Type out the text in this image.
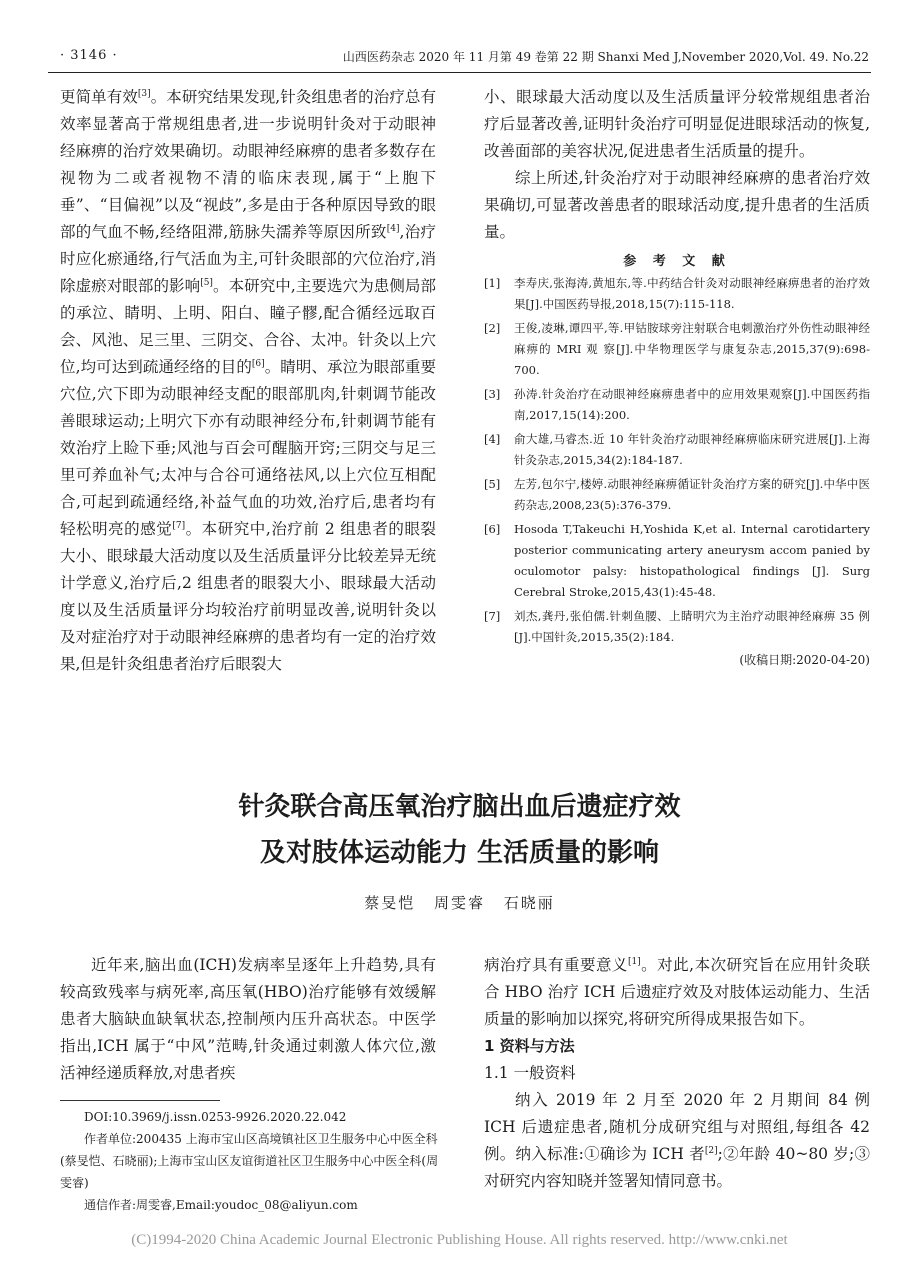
· 3146 ·	山西医药杂志 2020 年 11 月第 49 卷第 22 期 Shanxi Med J,November 2020,Vol. 49. No.22

更简单有效[3]。本研究结果发现,针灸组患者的治疗总有效率显著高于常规组患者,进一步说明针灸对于动眼神经麻痹的治疗效果确切。动眼神经麻痹的患者多数存在视物为二或者视物不清的临床表现,属于“上胞下垂”、“目偏视”以及“视歧”,多是由于各种原因导致的眼部的气血不畅,经络阻滞,筋脉失濡养等原因所致[4],治疗时应化瘀通络,行气活血为主,可针灸眼部的穴位治疗,消除虚瘀对眼部的影响[5]。本研究中,主要选穴为患侧局部的承泣、睛明、上明、阳白、瞳子髎,配合循经远取百会、风池、足三里、三阴交、合谷、太冲。针灸以上穴位,均可达到疏通经络的目的[6]。睛明、承泣为眼部重要穴位,穴下即为动眼神经支配的眼部肌肉,针刺调节能改善眼球运动;上明穴下亦有动眼神经分布,针刺调节能有效治疗上睑下垂;风池与百会可醒脑开窍;三阴交与足三里可养血补气;太冲与合谷可通络祛风,以上穴位互相配合,可起到疏通经络,补益气血的功效,治疗后,患者均有轻松明亮的感觉[7]。本研究中,治疗前 2 组患者的眼裂大小、眼球最大活动度以及生活质量评分比较差异无统计学意义,治疗后,2 组患者的眼裂大小、眼球最大活动度以及生活质量评分均较治疗前明显改善,说明针灸以及对症治疗对于动眼神经麻痹的患者均有一定的治疗效果,但是针灸组患者治疗后眼裂大

小、眼球最大活动度以及生活质量评分较常规组患者治疗后显著改善,证明针灸治疗可明显促进眼球活动的恢复,改善面部的美容状况,促进患者生活质量的提升。

综上所述,针灸治疗对于动眼神经麻痹的患者治疗效果确切,可显著改善患者的眼球活动度,提升患者的生活质量。

参 考 文 献
[1]	李寿庆,张海涛,黄旭东,等.中药结合针灸对动眼神经麻痹患者的治疗效果[J].中国医药导报,2018,15(7):115-118.
[2]	王俊,凌琳,谭四平,等.甲钴胺球旁注射联合电刺激治疗外伤性动眼神经麻痹的 MRI 观 察[J].中华物理医学与康复杂志,2015,37(9):698-700.
[3]	孙涛.针灸治疗在动眼神经麻痹患者中的应用效果观察[J].中国医药指南,2017,15(14):200.
[4]	俞大雄,马睿杰.近 10 年针灸治疗动眼神经麻痹临床研究进展[J].上海针灸杂志,2015,34(2):184-187.
[5]	左芳,包尔宁,楼婷.动眼神经麻痹循证针灸治疗方案的研究[J].中华中医药杂志,2008,23(5):376-379.
[6]	Hosoda T,Takeuchi H,Yoshida K,et al. Internal carotidartery posterior communicating artery aneurysm accom panied by oculomotor palsy: histopathological findings [J]. Surg Cerebral Stroke,2015,43(1):45-48.
[7]	刘杰,龚丹,张伯儒.针刺鱼腰、上睛明穴为主治疗动眼神经麻痹 35 例[J].中国针灸,2015,35(2):184.
(收稿日期:2020-04-20)
针灸联合高压氧治疗脑出血后遗症疗效
及对肢体运动能力 生活质量的影响
蔡旻恺 周雯睿 石晓丽

近年来,脑出血(ICH)发病率呈逐年上升趋势,具有较高致残率与病死率,高压氧(HBO)治疗能够有效缓解患者大脑缺血缺氧状态,控制颅内压升高状态。中医学指出,ICH 属于“中风”范畴,针灸通过刺激人体穴位,激活神经递质释放,对患者疾

DOI:10.3969/j.issn.0253-9926.2020.22.042

作者单位:200435 上海市宝山区高境镇社区卫生服务中心中医全科(蔡旻恺、石晓丽);上海市宝山区友谊街道社区卫生服务中心中医全科(周雯睿)

通信作者:周雯睿,Email:youdoc_08@aliyun.com

病治疗具有重要意义[1]。对此,本次研究旨在应用针灸联合 HBO 治疗 ICH 后遗症疗效及对肢体运动能力、生活质量的影响加以探究,将研究所得成果报告如下。

1 资料与方法

1.1 一般资料

纳入 2019 年 2 月至 2020 年 2 月期间 84 例 ICH 后遗症患者,随机分成研究组与对照组,每组各 42 例。纳入标准:①确诊为 ICH 者[2];②年龄 40~80 岁;③对研究内容知晓并签署知情同意书。

(C)1994-2020 China Academic Journal Electronic Publishing House. All rights reserved. http://www.cnki.net
